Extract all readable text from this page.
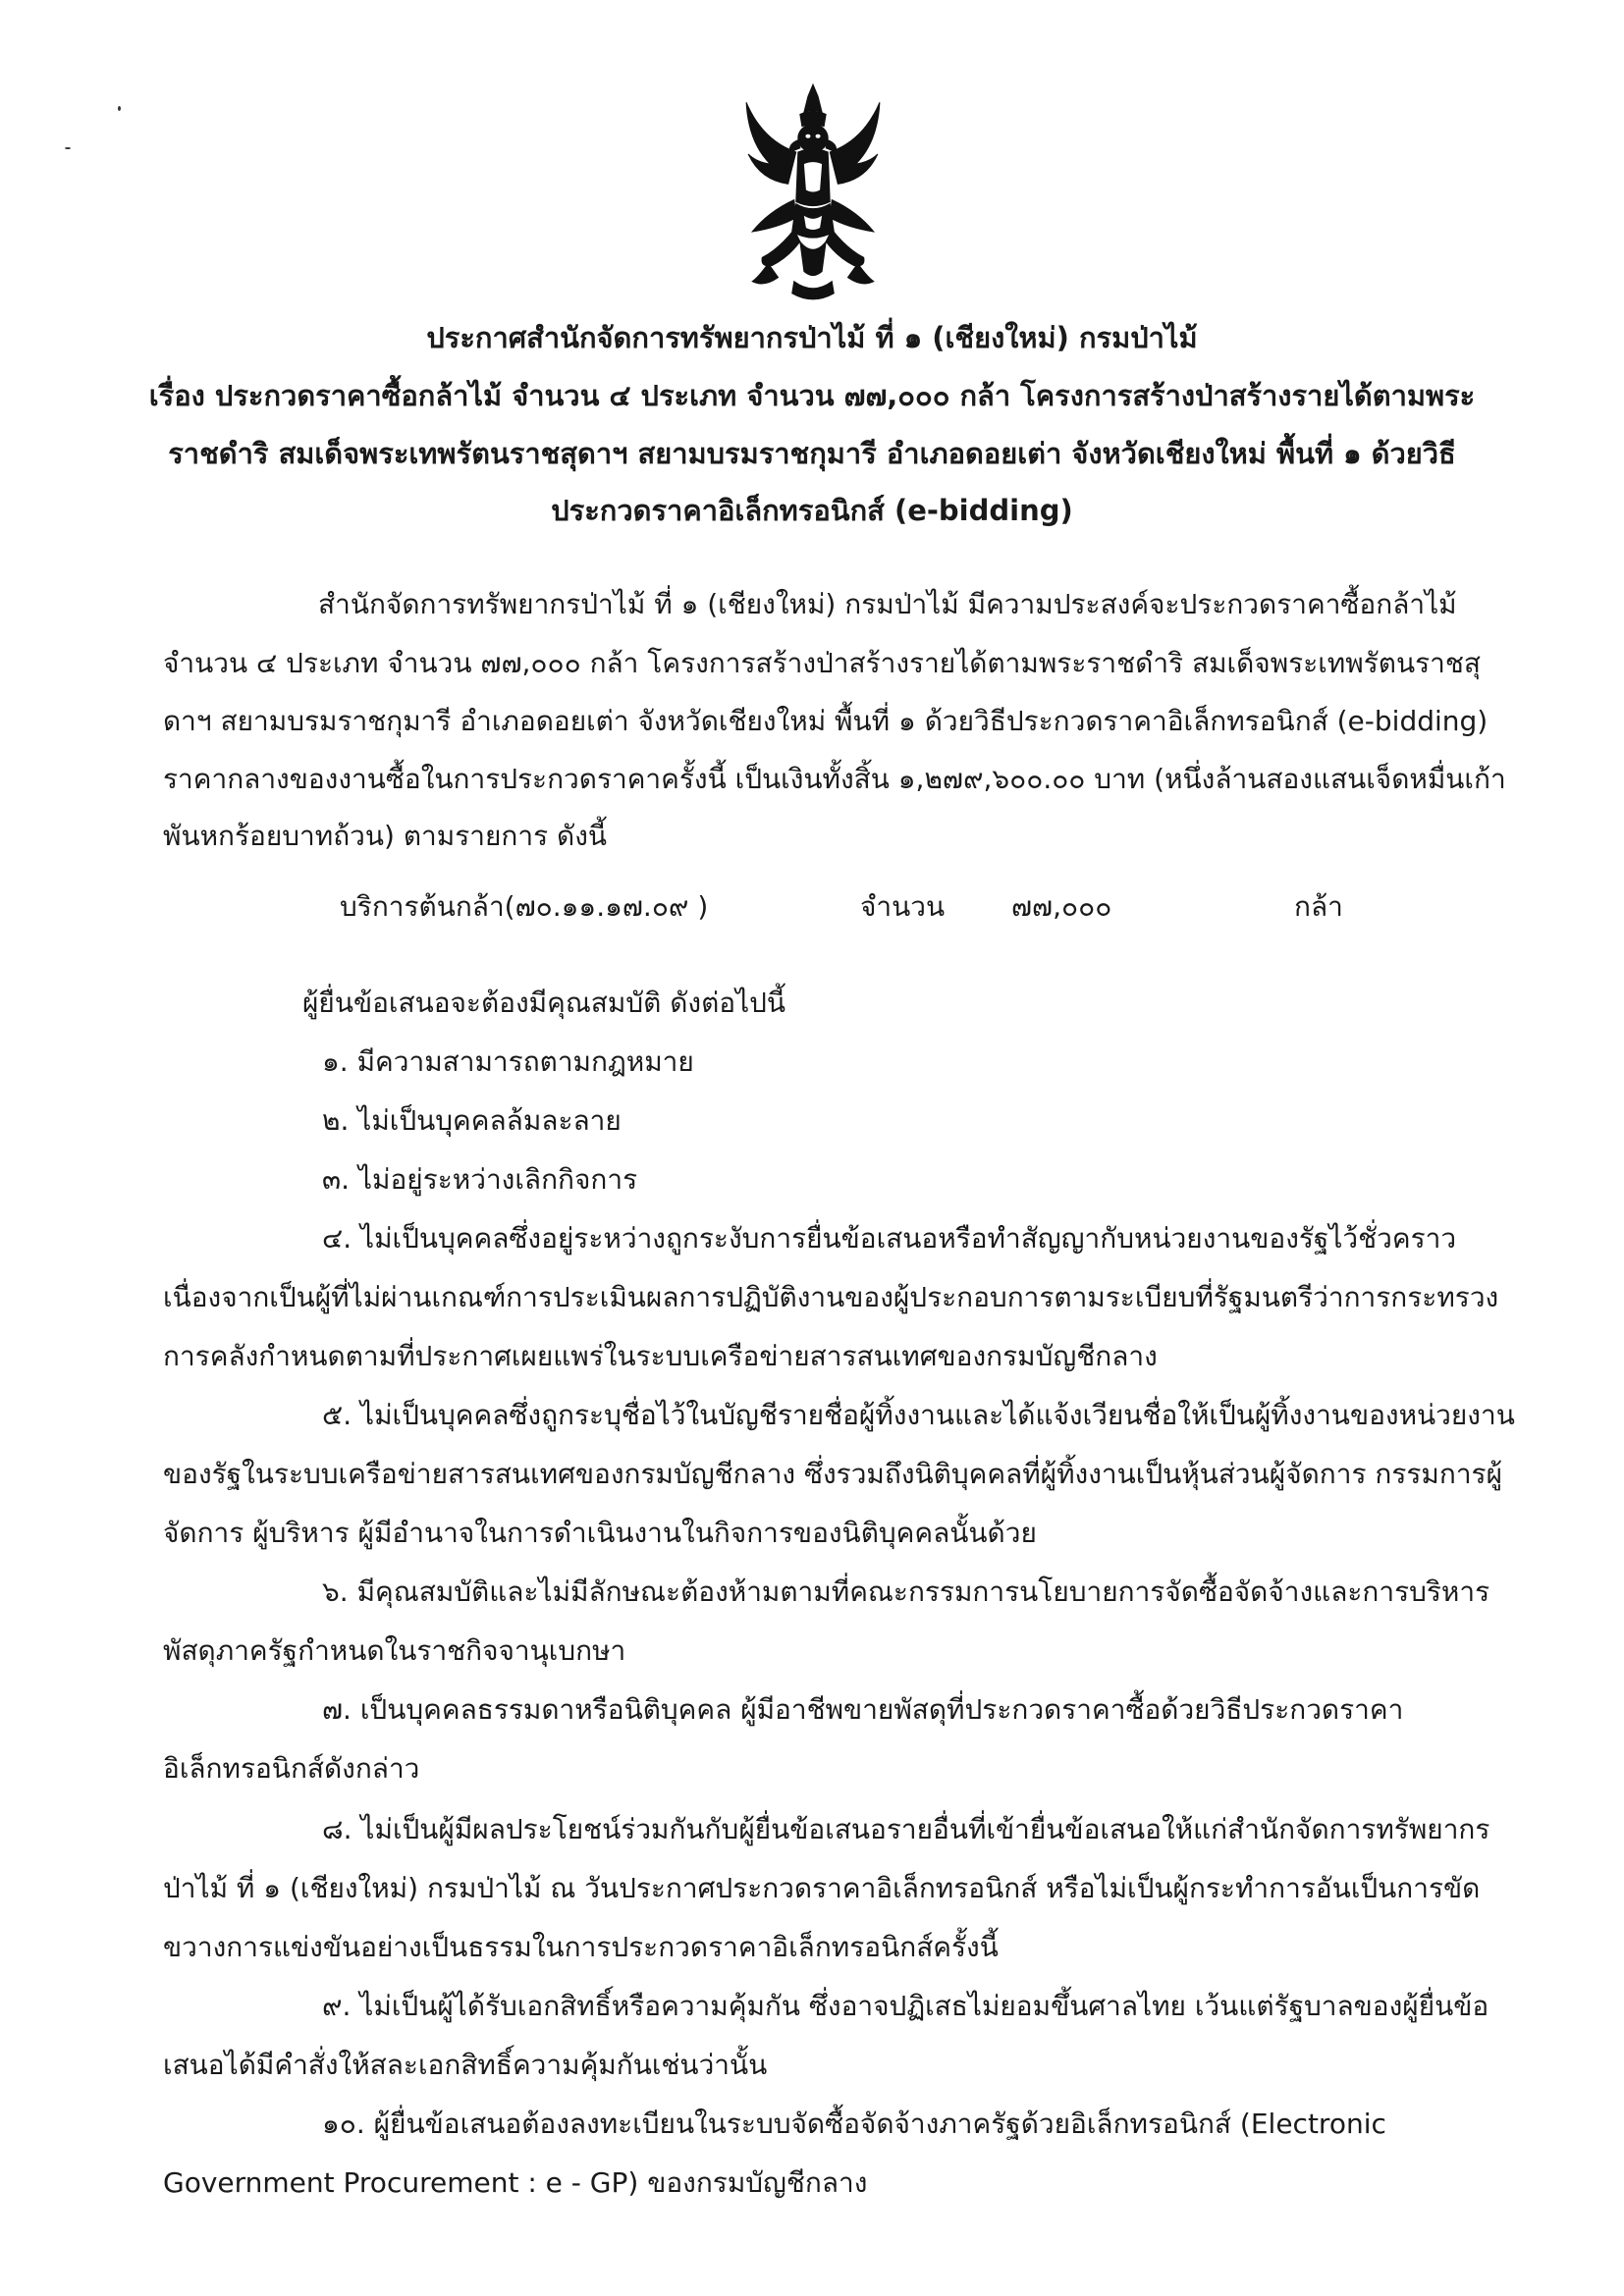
ประกาศสำนักจัดการทรัพยากรป่าไม้ ที่ ๑ (เชียงใหม่) กรมป่าไม้
เรื่อง ประกวดราคาซื้อกล้าไม้ จำนวน ๔ ประเภท จำนวน ๗๗,๐๐๐ กล้า โครงการสร้างป่าสร้างรายได้ตามพระ
ราชดำริ สมเด็จพระเทพรัตนราชสุดาฯ สยามบรมราชกุมารี อำเภอดอยเต่า จังหวัดเชียงใหม่ พื้นที่ ๑ ด้วยวิธี
ประกวดราคาอิเล็กทรอนิกส์ (e-bidding)
สำนักจัดการทรัพยากรป่าไม้ ที่ ๑ (เชียงใหม่) กรมป่าไม้ มีความประสงค์จะประกวดราคาซื้อกล้าไม้
จำนวน ๔ ประเภท จำนวน ๗๗,๐๐๐ กล้า โครงการสร้างป่าสร้างรายได้ตามพระราชดำริ สมเด็จพระเทพรัตนราชสุ
ดาฯ สยามบรมราชกุมารี อำเภอดอยเต่า จังหวัดเชียงใหม่ พื้นที่ ๑ ด้วยวิธีประกวดราคาอิเล็กทรอนิกส์ (e-bidding)
ราคากลางของงานซื้อในการประกวดราคาครั้งนี้ เป็นเงินทั้งสิ้น ๑,๒๗๙,๖๐๐.๐๐ บาท (หนึ่งล้านสองแสนเจ็ดหมื่นเก้า
พันหกร้อยบาทถ้วน) ตามรายการ ดังนี้
บริการต้นกล้า(๗๐.๑๑.๑๗.๐๙ )	จำนวน ๗๗,๐๐๐	กล้า
ผู้ยื่นข้อเสนอจะต้องมีคุณสมบัติ ดังต่อไปนี้
๑. มีความสามารถตามกฎหมาย
๒. ไม่เป็นบุคคลล้มละลาย
๓. ไม่อยู่ระหว่างเลิกกิจการ
๔. ไม่เป็นบุคคลซึ่งอยู่ระหว่างถูกระงับการยื่นข้อเสนอหรือทำสัญญากับหน่วยงานของรัฐไว้ชั่วคราว
เนื่องจากเป็นผู้ที่ไม่ผ่านเกณฑ์การประเมินผลการปฏิบัติงานของผู้ประกอบการตามระเบียบที่รัฐมนตรีว่าการกระทรวง
การคลังกำหนดตามที่ประกาศเผยแพร่ในระบบเครือข่ายสารสนเทศของกรมบัญชีกลาง
๕. ไม่เป็นบุคคลซึ่งถูกระบุชื่อไว้ในบัญชีรายชื่อผู้ทิ้งงานและได้แจ้งเวียนชื่อให้เป็นผู้ทิ้งงานของหน่วยงาน
ของรัฐในระบบเครือข่ายสารสนเทศของกรมบัญชีกลาง ซึ่งรวมถึงนิติบุคคลที่ผู้ทิ้งงานเป็นหุ้นส่วนผู้จัดการ กรรมการผู้
จัดการ ผู้บริหาร ผู้มีอำนาจในการดำเนินงานในกิจการของนิติบุคคลนั้นด้วย
๖. มีคุณสมบัติและไม่มีลักษณะต้องห้ามตามที่คณะกรรมการนโยบายการจัดซื้อจัดจ้างและการบริหาร
พัสดุภาครัฐกำหนดในราชกิจจานุเบกษา
๗. เป็นบุคคลธรรมดาหรือนิติบุคคล ผู้มีอาชีพขายพัสดุที่ประกวดราคาซื้อด้วยวิธีประกวดราคา
อิเล็กทรอนิกส์ดังกล่าว
๘. ไม่เป็นผู้มีผลประโยชน์ร่วมกันกับผู้ยื่นข้อเสนอรายอื่นที่เข้ายื่นข้อเสนอให้แก่สำนักจัดการทรัพยากร
ป่าไม้ ที่ ๑ (เชียงใหม่) กรมป่าไม้ ณ วันประกาศประกวดราคาอิเล็กทรอนิกส์ หรือไม่เป็นผู้กระทำการอันเป็นการขัด
ขวางการแข่งขันอย่างเป็นธรรมในการประกวดราคาอิเล็กทรอนิกส์ครั้งนี้
๙. ไม่เป็นผู้ได้รับเอกสิทธิ์หรือความคุ้มกัน ซึ่งอาจปฏิเสธไม่ยอมขึ้นศาลไทย เว้นแต่รัฐบาลของผู้ยื่นข้อ
เสนอได้มีคำสั่งให้สละเอกสิทธิ์ความคุ้มกันเช่นว่านั้น
๑๐. ผู้ยื่นข้อเสนอต้องลงทะเบียนในระบบจัดซื้อจัดจ้างภาครัฐด้วยอิเล็กทรอนิกส์ (Electronic
Government Procurement : e - GP) ของกรมบัญชีกลาง
